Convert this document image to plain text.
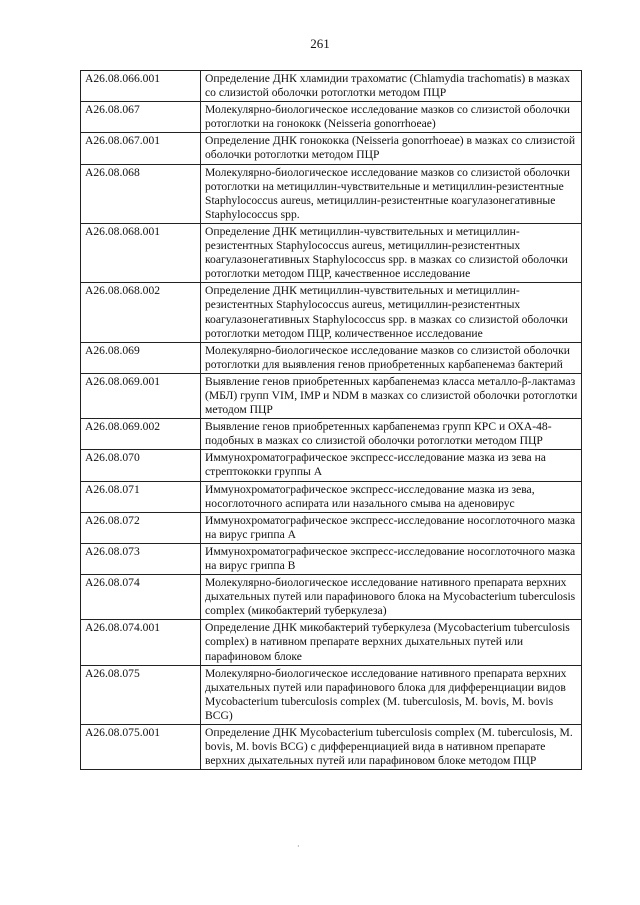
261
A26.08.066.001	Определение ДНК хламидии трахоматис (Chlamydia trachomatis) в мазках со слизистой оболочки ротоглотки методом ПЦР
A26.08.067	Молекулярно-биологическое исследование мазков со слизистой оболочки ротоглотки на гонококк (Neisseria gonorrhoeae)
A26.08.067.001	Определение ДНК гонококка (Neisseria gonorrhoeae) в мазках со слизистой оболочки ротоглотки методом ПЦР
A26.08.068	Молекулярно-биологическое исследование мазков со слизистой оболочки ротоглотки на метициллин-чувствительные и метициллин-резистентные Staphylococcus aureus, метициллин-резистентные коагулазонегативные Staphylococcus spp.
A26.08.068.001	Определение ДНК метициллин-чувствительных и метициллин-резистентных Staphylococcus aureus, метициллин-резистентных коагулазонегативных Staphylococcus spp. в мазках со слизистой оболочки ротоглотки методом ПЦР, качественное исследование
A26.08.068.002	Определение ДНК метициллин-чувствительных и метициллин-резистентных Staphylococcus aureus, метициллин-резистентных коагулазонегативных Staphylococcus spp. в мазках со слизистой оболочки ротоглотки методом ПЦР, количественное исследование
A26.08.069	Молекулярно-биологическое исследование мазков со слизистой оболочки ротоглотки для выявления генов приобретенных карбапенемаз бактерий
A26.08.069.001	Выявление генов приобретенных карбапенемаз класса металло-β-лактамаз (МБЛ) групп VIM, IMP и NDM в мазках со слизистой оболочки ротоглотки методом ПЦР
A26.08.069.002	Выявление генов приобретенных карбапенемаз групп КРС и ОХА-48-подобных в мазках со слизистой оболочки ротоглотки методом ПЦР
A26.08.070	Иммунохроматографическое экспресс-исследование мазка из зева на стрептококки группы А
A26.08.071	Иммунохроматографическое экспресс-исследование мазка из зева, носоглоточного аспирата или назального смыва на аденовирус
A26.08.072	Иммунохроматографическое экспресс-исследование носоглоточного мазка на вирус гриппа А
A26.08.073	Иммунохроматографическое экспресс-исследование носоглоточного мазка на вирус гриппа В
A26.08.074	Молекулярно-биологическое исследование нативного препарата верхних дыхательных путей или парафинового блока на Mycobacterium tuberculosis complex (микобактерий туберкулеза)
A26.08.074.001	Определение ДНК микобактерий туберкулеза (Mycobacterium tuberculosis complex) в нативном препарате верхних дыхательных путей или парафиновом блоке
A26.08.075	Молекулярно-биологическое исследование нативного препарата верхних дыхательных путей или парафинового блока для дифференциации видов Mycobacterium tuberculosis complex (M. tuberculosis, M. bovis, M. bovis BCG)
A26.08.075.001	Определение ДНК Mycobacterium tuberculosis complex (M. tuberculosis, M. bovis, M. bovis BCG) с дифференциацией вида в нативном препарате верхних дыхательных путей или парафиновом блоке методом ПЦР
·
